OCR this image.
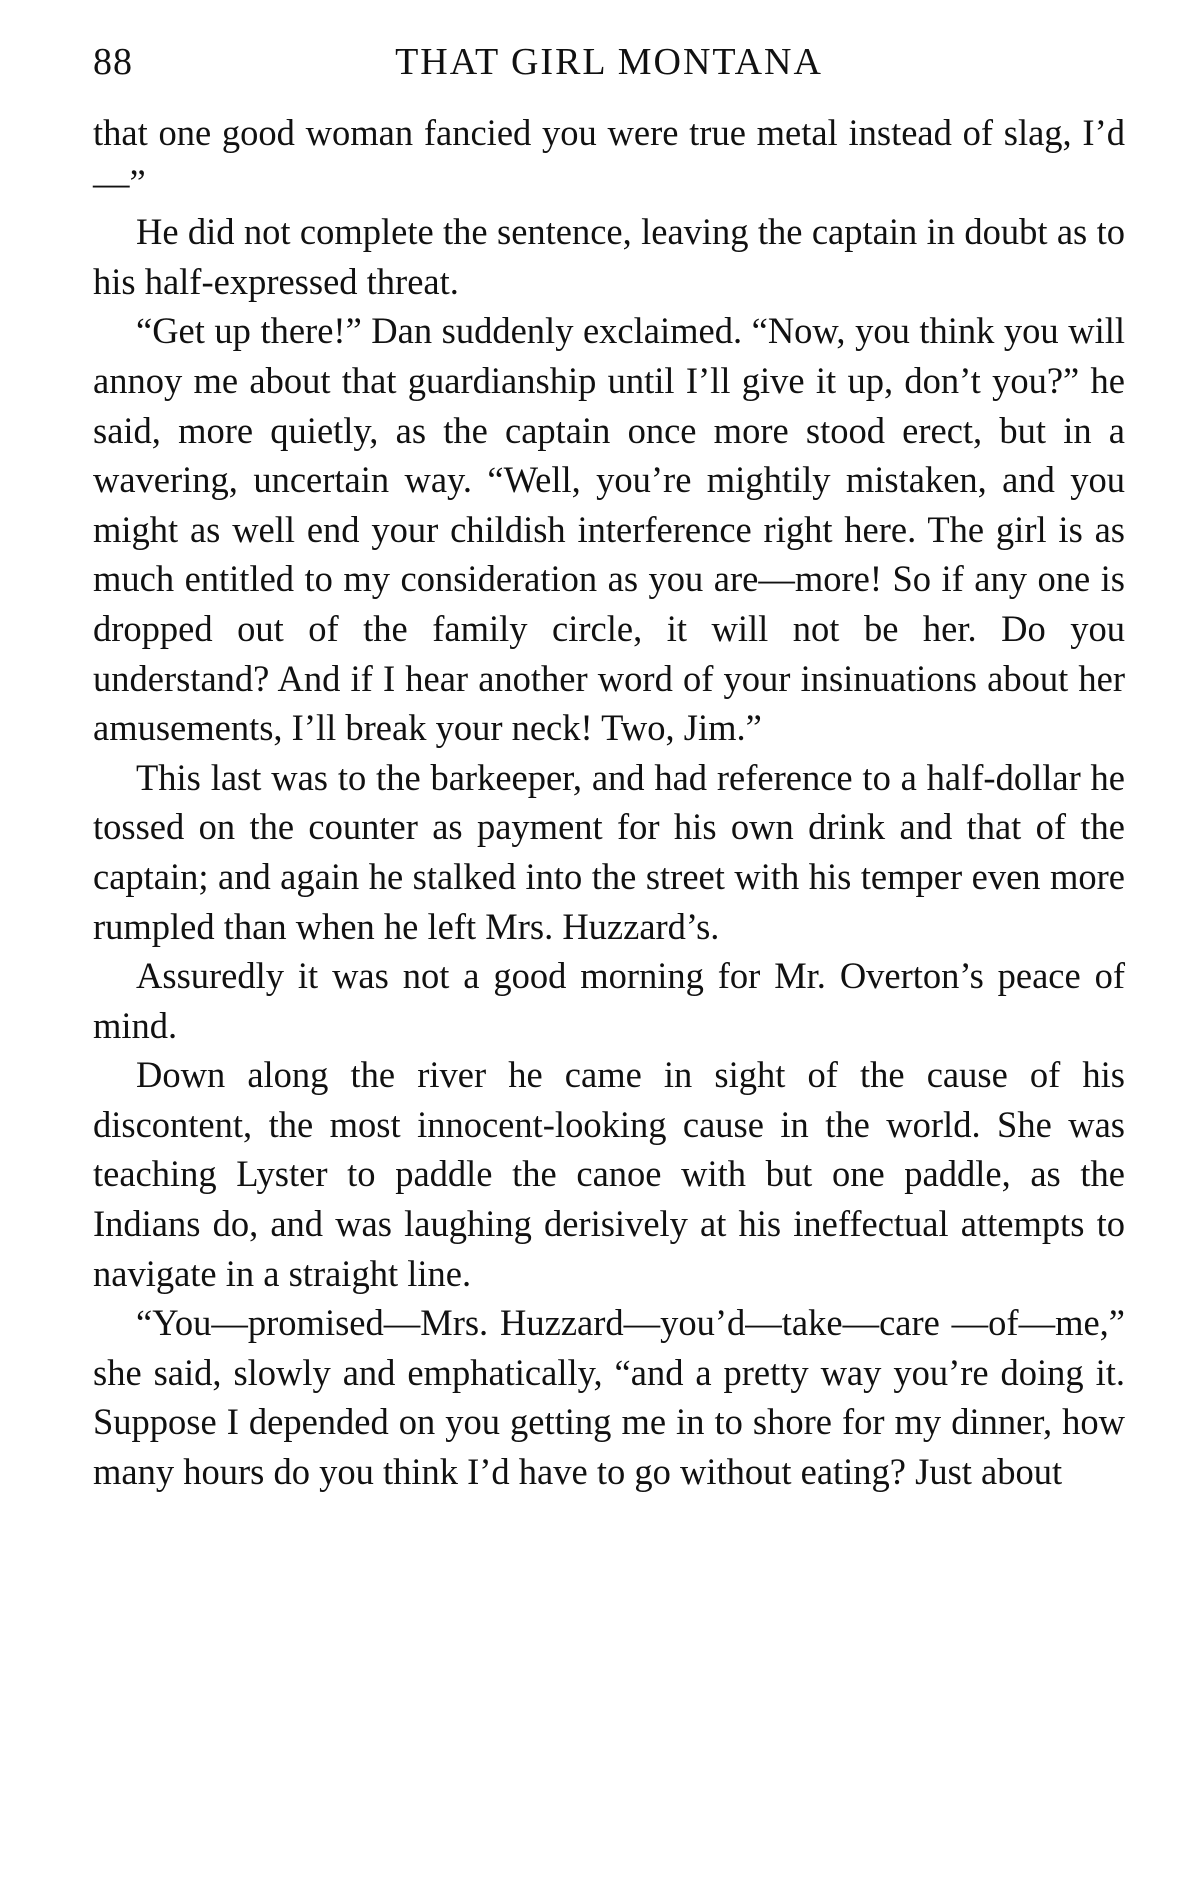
88	THAT GIRL MONTANA

that one good woman fancied you were true metal instead of slag, I’d—”

He did not complete the sentence, leaving the captain in doubt as to his half-expressed threat.

“Get up there!” Dan suddenly exclaimed. “Now, you think you will annoy me about that guardianship until I’ll give it up, don’t you?” he said, more quietly, as the captain once more stood erect, but in a wavering, uncertain way. “Well, you’re mightily mistaken, and you might as well end your childish interference right here. The girl is as much entitled to my consideration as you are—more! So if any one is dropped out of the family circle, it will not be her. Do you understand? And if I hear another word of your insinuations about her amusements, I’ll break your neck! Two, Jim.”

This last was to the barkeeper, and had reference to a half-dollar he tossed on the counter as payment for his own drink and that of the captain; and again he stalked into the street with his temper even more rumpled than when he left Mrs. Huzzard’s.

Assuredly it was not a good morning for Mr. Overton’s peace of mind.

Down along the river he came in sight of the cause of his discontent, the most innocent-looking cause in the world. She was teaching Lyster to paddle the canoe with but one paddle, as the Indians do, and was laughing derisively at his ineffectual attempts to navigate in a straight line.

“You—promised—Mrs. Huzzard—you’d—take—care —of—me,” she said, slowly and emphatically, “and a pretty way you’re doing it. Suppose I depended on you getting me in to shore for my dinner, how many hours do you think I’d have to go without eating? Just about
